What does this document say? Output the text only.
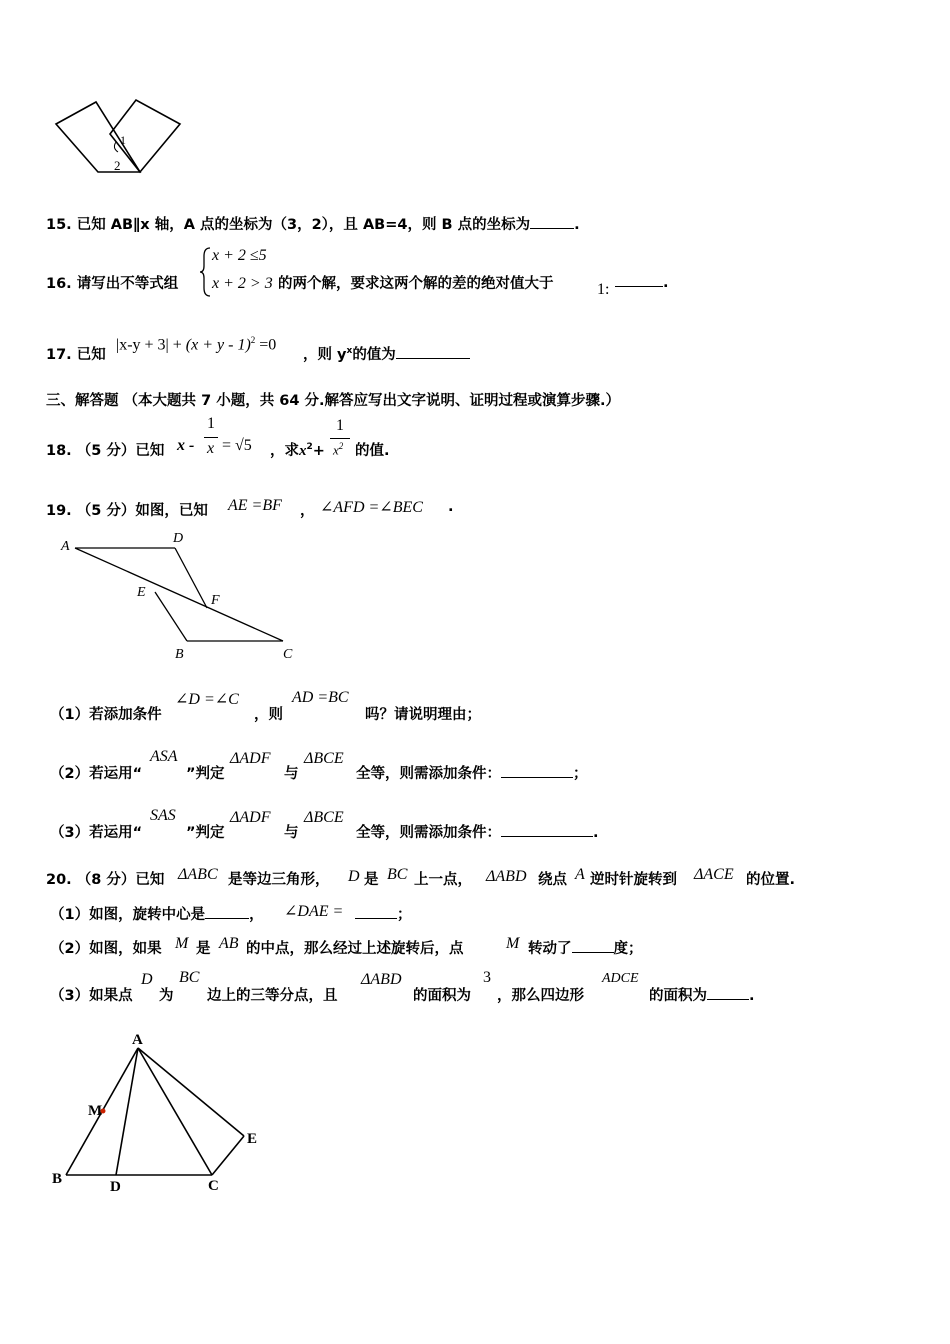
1
2
15. 已知 AB∥x 轴，A 点的坐标为（3，2），且 AB=4，则 B 点的坐标为	.
16. 请写出不等式组
x + 2 ≤5
x + 2 > 3 的两个解，要求这两个解的差的绝对值大于	1:	.
17. 已知
$|x-y + 3| + (x + y - 1)^2 =0$
，则 $y^x$的值为
三、解答题 （本大题共 7 小题，共 64 分.解答应写出文字说明、证明过程或演算步骤.）
18. （5 分）已知 x -
1
x = √5 ，求$x^2+$
1
$x^2$ 的值.
19. （5 分）如图，已知 AE =BF ， ∠AFD =∠BEC .
A
D
E
F
B	C
（1）若添加条件
∠D =∠C
，则
AD =BC
吗？请说明理由；
（2）若运用“
ASA
”判定
ΔADF
与
ΔBCE
全等，则需添加条件：	；
（3）若运用“
SAS
”判定
ΔADF
与
ΔBCE
全等，则需添加条件：	.
20. （8 分）已知 ΔABC 是等边三角形， D 是 BC 上一点， ΔABD 绕点 A 逆时针旋转到 ΔACE 的位置.
（1）如图，旋转中心是	， ∠DAE =	；
（2）如图，如果 M 是 AB 的中点，那么经过上述旋转后，点	M 转动了	度；
（3）如果点
D
为
BC
边上的三等分点，且
ΔABD
的面积为
3
，那么四边形
ADCE
的面积为	.
A
M
E
B	D	C
